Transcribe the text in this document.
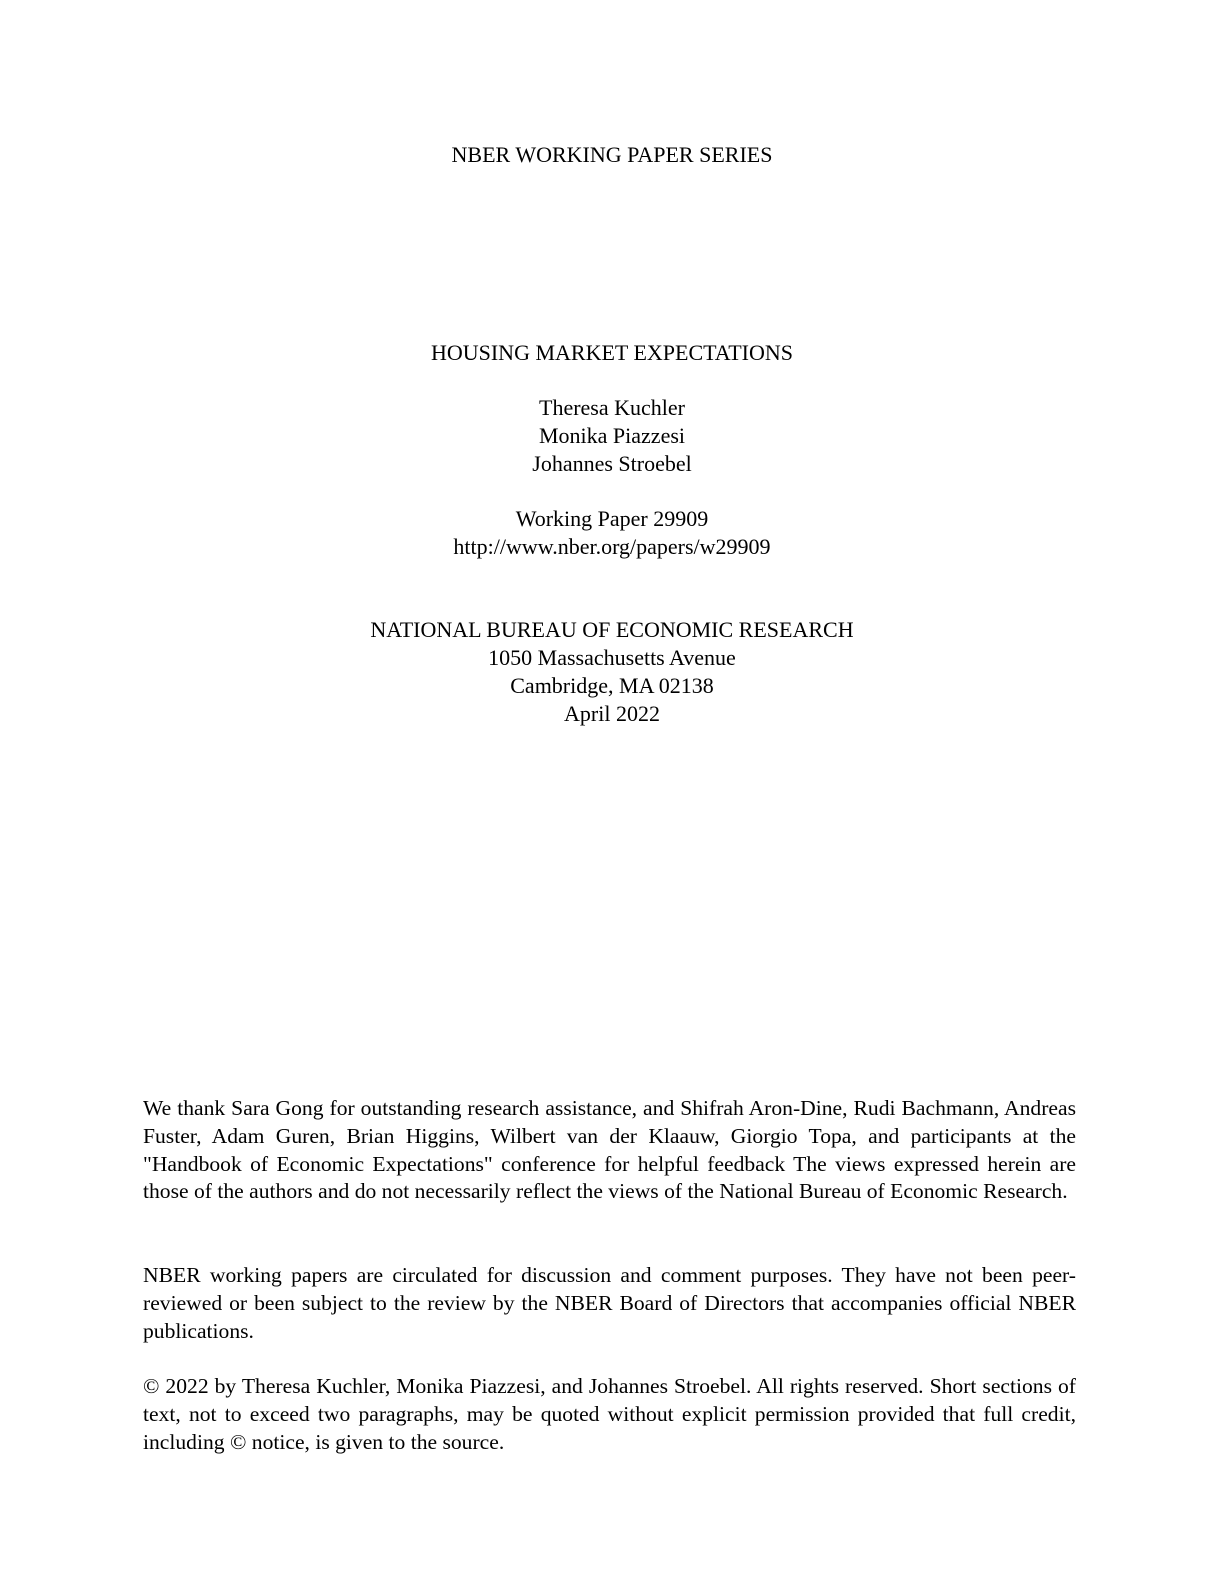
NBER WORKING PAPER SERIES
HOUSING MARKET EXPECTATIONS
Theresa Kuchler
Monika Piazzesi
Johannes Stroebel
Working Paper 29909
http://www.nber.org/papers/w29909
NATIONAL BUREAU OF ECONOMIC RESEARCH
1050 Massachusetts Avenue
Cambridge, MA 02138
April 2022

We thank Sara Gong for outstanding research assistance, and Shifrah Aron-Dine, Rudi Bachmann, Andreas Fuster, Adam Guren, Brian Higgins, Wilbert van der Klaauw, Giorgio Topa, and participants at the "Handbook of Economic Expectations" conference for helpful feedback The views expressed herein are those of the authors and do not necessarily reflect the views of the National Bureau of Economic Research.

NBER working papers are circulated for discussion and comment purposes. They have not been peer-reviewed or been subject to the review by the NBER Board of Directors that accompanies official NBER publications.

© 2022 by Theresa Kuchler, Monika Piazzesi, and Johannes Stroebel. All rights reserved. Short sections of text, not to exceed two paragraphs, may be quoted without explicit permission provided that full credit, including © notice, is given to the source.
